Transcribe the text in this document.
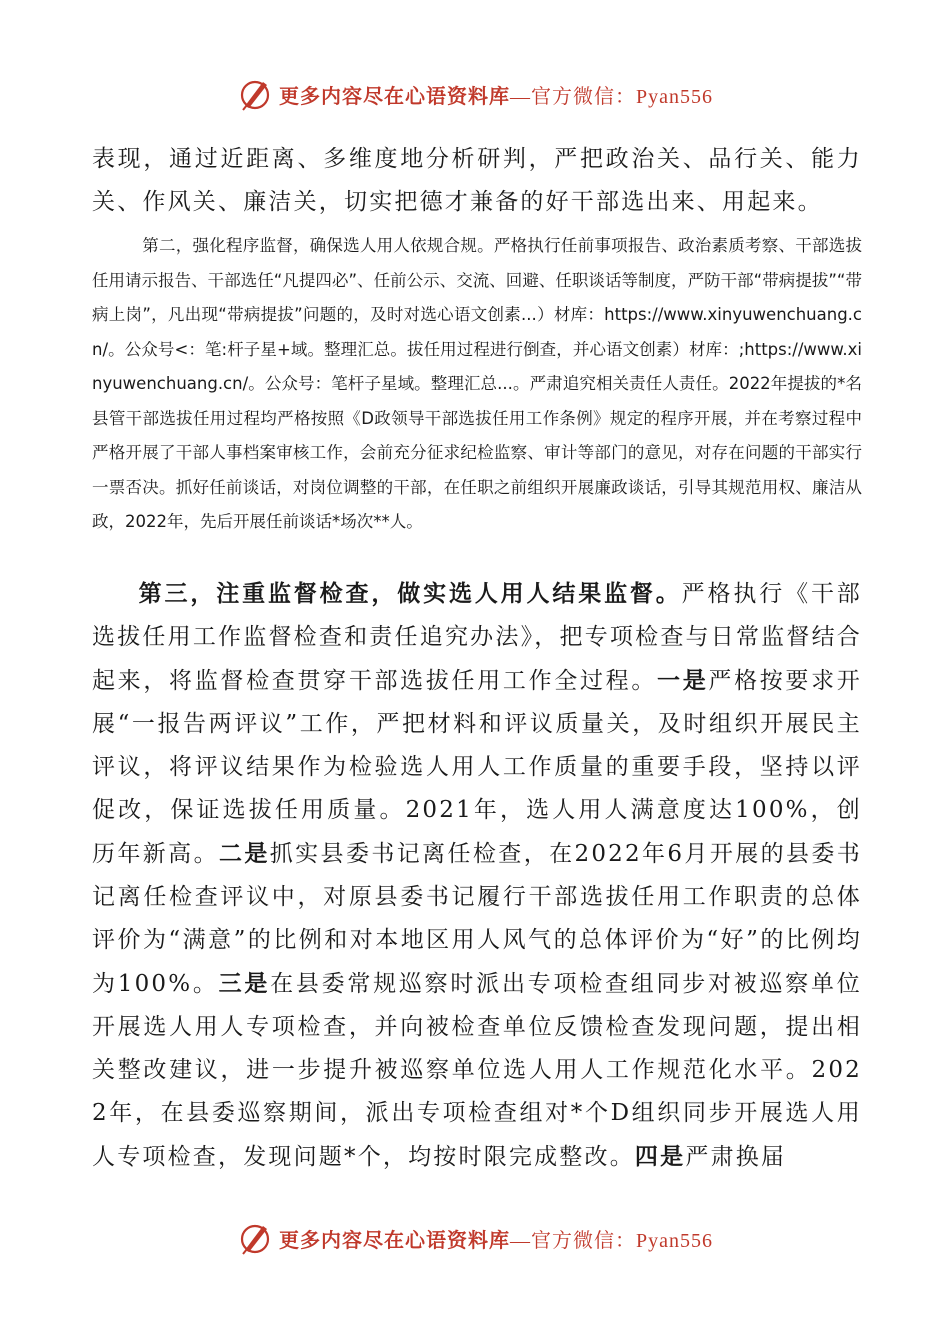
更多内容尽在心语资料库—官方微信：Pyan556

表现，通过近距离、多维度地分析研判，严把政治关、品行关、能力关、作风关、廉洁关，切实把德才兼备的好干部选出来、用起来。

第二，强化程序监督，确保选人用人依规合规。严格执行任前事项报告、政治素质考察、干部选拔任用请示报告、干部选任“凡提四必”、任前公示、交流、回避、任职谈话等制度，严防干部“带病提拔”“带病上岗”，凡出现“带病提拔”问题的，及时对选心语文创素...）材库：https://www.xinyuwenchuang.cn/。公众号<：笔:杆子星+域。整理汇总。拔任用过程进行倒查，并心语文创素）材库：;https://www.xinyuwenchuang.cn/。公众号：笔杆子星域。整理汇总...。严肃追究相关责任人责任。2022年提拔的*名县管干部选拔任用过程均严格按照《D政领导干部选拔任用工作条例》规定的程序开展，并在考察过程中严格开展了干部人事档案审核工作，会前充分征求纪检监察、审计等部门的意见，对存在问题的干部实行一票否决。抓好任前谈话，对岗位调整的干部，在任职之前组织开展廉政谈话，引导其规范用权、廉洁从政，2022年，先后开展任前谈话*场次**人。

第三，注重监督检查，做实选人用人结果监督。严格执行《干部选拔任用工作监督检查和责任追究办法》，把专项检查与日常监督结合起来，将监督检查贯穿干部选拔任用工作全过程。一是严格按要求开展“一报告两评议”工作，严把材料和评议质量关，及时组织开展民主评议，将评议结果作为检验选人用人工作质量的重要手段，坚持以评促改，保证选拔任用质量。2021年，选人用人满意度达100%，创历年新高。二是抓实县委书记离任检查，在2022年6月开展的县委书记离任检查评议中，对原县委书记履行干部选拔任用工作职责的总体评价为“满意”的比例和对本地区用人风气的总体评价为“好”的比例均为100%。三是在县委常规巡察时派出专项检查组同步对被巡察单位开展选人用人专项检查，并向被检查单位反馈检查发现问题，提出相关整改建议，进一步提升被巡察单位选人用人工作规范化水平。2022年，在县委巡察期间，派出专项检查组对*个D组织同步开展选人用人专项检查，发现问题*个，均按时限完成整改。四是严肃换届

更多内容尽在心语资料库—官方微信：Pyan556
